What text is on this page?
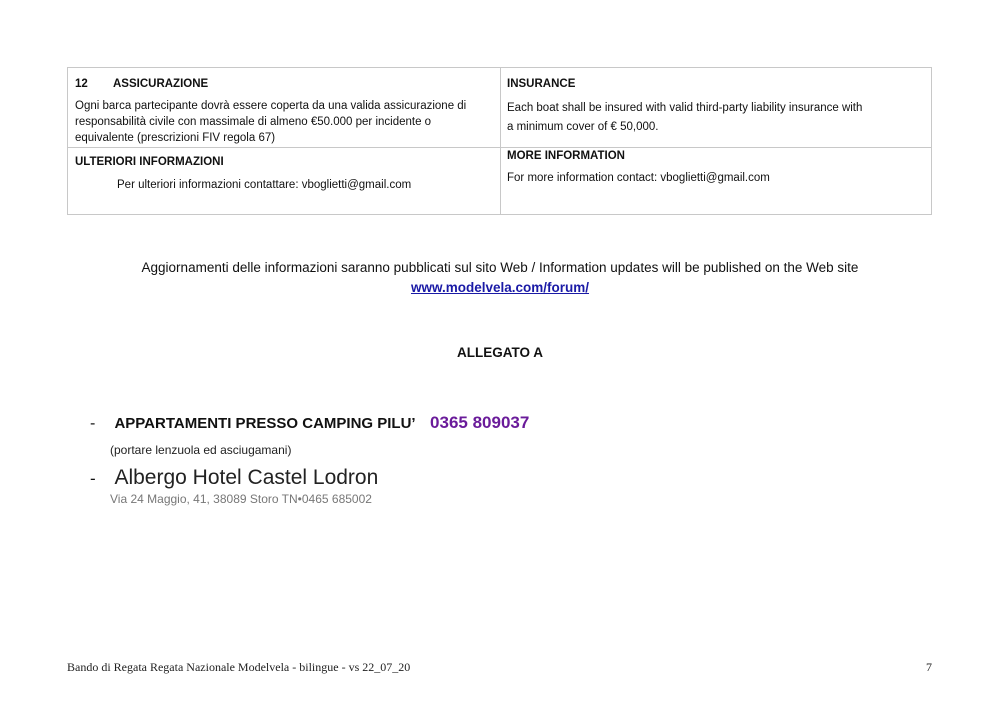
12 ASSICURAZIONE
Ogni barca partecipante dovrà essere coperta da una valida assicurazione di
responsabilità civile con massimale di almeno €50.000 per incidente o
equivalente (prescrizioni FIV regola 67)
INSURANCE
Each boat shall be insured with valid third-party liability insurance with
a minimum cover of € 50,000.
ULTERIORI INFORMAZIONI
Per ulteriori informazioni contattare: vboglietti@gmail.com
MORE INFORMATION
For more information contact: vboglietti@gmail.com
Aggiornamenti delle informazioni saranno pubblicati sul sito Web / Information updates will be published on the Web site
www.modelvela.com/forum/
ALLEGATO A
- APPARTAMENTI PRESSO CAMPING PILU’ 0365 809037
(portare lenzuola ed asciugamani)
- Albergo Hotel Castel Lodron
Via 24 Maggio, 41, 38089 Storo TN•0465 685002
Bando di Regata Regata Nazionale Modelvela - bilingue - vs 22_07_20	7
